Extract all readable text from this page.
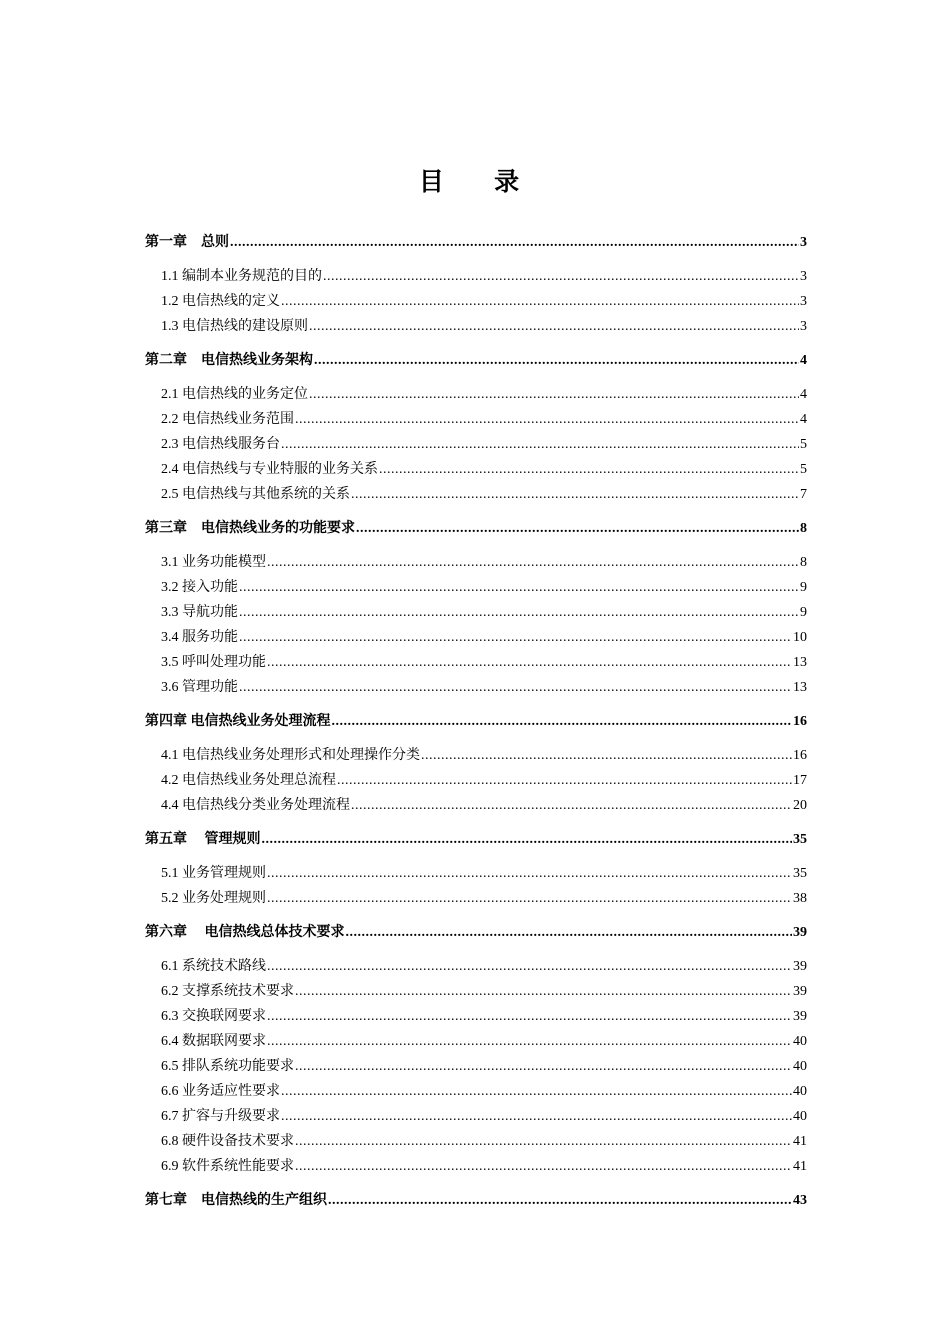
目 录
第一章　总则 .....	3
1.1 编制本业务规范的目的 .....	3
1.2 电信热线的定义 .....	3
1.3 电信热线的建设原则 .....	3
第二章　电信热线业务架构 .....	4
2.1 电信热线的业务定位 .....	4
2.2 电信热线业务范围 .....	4
2.3 电信热线服务台 .....	5
2.4 电信热线与专业特服的业务关系 .....	5
2.5 电信热线与其他系统的关系 .....	7
第三章　电信热线业务的功能要求 .....	8
3.1 业务功能模型 .....	8
3.2 接入功能 .....	9
3.3 导航功能 .....	9
3.4 服务功能 .....	10
3.5 呼叫处理功能 .....	13
3.6 管理功能 .....	13
第四章 电信热线业务处理流程 .....	16
4.1 电信热线业务处理形式和处理操作分类 .....	16
4.2 电信热线业务处理总流程 .....	17
4.4 电信热线分类业务处理流程 .....	20
第五章　 管理规则 .....	35
5.1 业务管理规则 .....	35
5.2 业务处理规则 .....	38
第六章　 电信热线总体技术要求 .....	39
6.1 系统技术路线 .....	39
6.2 支撑系统技术要求 .....	39
6.3 交换联网要求 .....	39
6.4 数据联网要求 .....	40
6.5 排队系统功能要求 .....	40
6.6 业务适应性要求 .....	40
6.7 扩容与升级要求 .....	40
6.8 硬件设备技术要求 .....	41
6.9 软件系统性能要求 .....	41
第七章　电信热线的生产组织 .....	43
